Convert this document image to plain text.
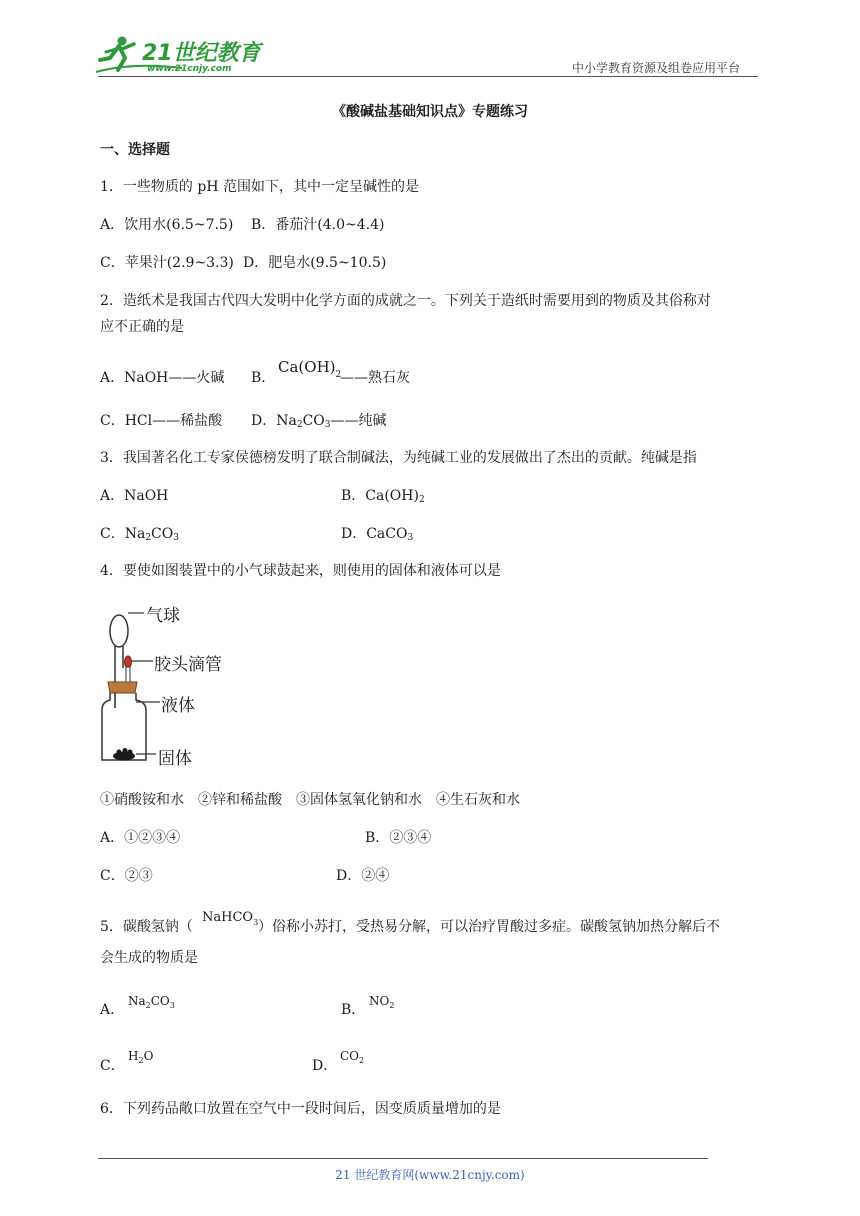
21世纪教育
www.21cnjy.com	中小学教育资源及组卷应用平台
《酸碱盐基础知识点》专题练习
一、选择题
1．一些物质的 pH 范围如下，其中一定呈碱性的是
A．饮用水(6.5~7.5) B．番茄汁(4.0~4.4)
C．苹果汁(2.9~3.3) D．肥皂水(9.5~10.5)
2．造纸术是我国古代四大发明中化学方面的成就之一。下列关于造纸时需要用到的物质及其俗称对
应不正确的是
A．NaOH——火碱 B．
$Ca(OH)_2$
——熟石灰
C．HCl——稀盐酸 D．$Na_2CO_3——$纯碱
3．我国著名化工专家侯德榜发明了联合制碱法，为纯碱工业的发展做出了杰出的贡献。纯碱是指
A．NaOH	B．$Ca(OH)_2$
C．$Na_2CO_3$	D．CaCO$_3$
4．要使如图装置中的小气球鼓起来，则使用的固体和液体可以是
气球
胶头滴管
液体
固体
①硝酸铵和水　②锌和稀盐酸　③固体氢氧化钠和水　④生石灰和水
A．①②③④	B．②③④
C．②③	D．②④
5．碳酸氢钠（
NaHCO$_3$ ）俗称小苏打，受热易分解，可以治疗胃酸过多症。碳酸氢钠加热分解后不
会生成的物质是
A．
$Na_2CO_3$	B．
$NO_2$
C．
$H_2O$
D．
$CO_2$
6．下列药品敞口放置在空气中一段时间后，因变质质量增加的是
21 世纪教育网(www.21cnjy.com)
